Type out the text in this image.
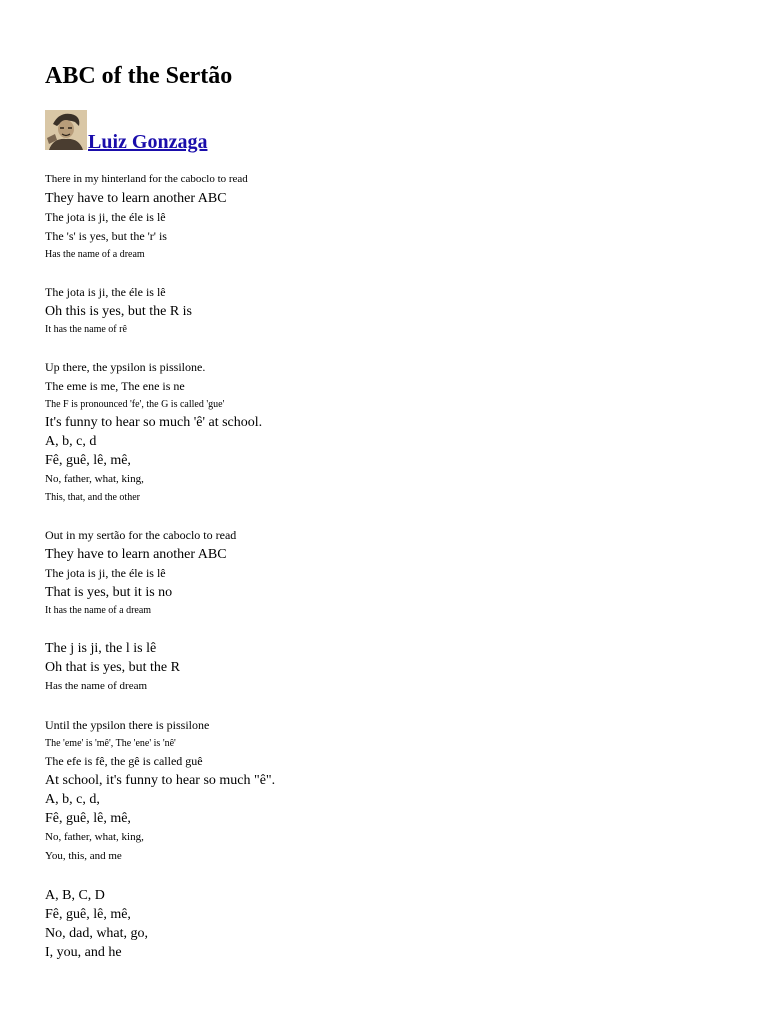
ABC of the Sertão
Luiz Gonzaga
There in my hinterland for the caboclo to read
They have to learn another ABC
The jota is ji, the éle is lê
The 's' is yes, but the 'r' is
Has the name of a dream
The jota is ji, the éle is lê
Oh this is yes, but the R is
It has the name of rê
Up there, the ypsilon is pissilone.
The eme is me, The ene is ne
The F is pronounced 'fe', the G is called 'gue'
It's funny to hear so much 'ê' at school.
A, b, c, d
Fê, guê, lê, mê,
No, father, what, king,
This, that, and the other
Out in my sertão for the caboclo to read
They have to learn another ABC
The jota is ji, the éle is lê
That is yes, but it is no
It has the name of a dream
The j is ji, the l is lê
Oh that is yes, but the R
Has the name of dream
Until the ypsilon there is pissilone
The 'eme' is 'mê', The 'ene' is 'nê'
The efe is fê, the gê is called guê
At school, it's funny to hear so much "ê".
A, b, c, d,
Fê, guê, lê, mê,
No, father, what, king,
You, this, and me
A, B, C, D
Fê, guê, lê, mê,
No, dad, what, go,
I, you, and he
